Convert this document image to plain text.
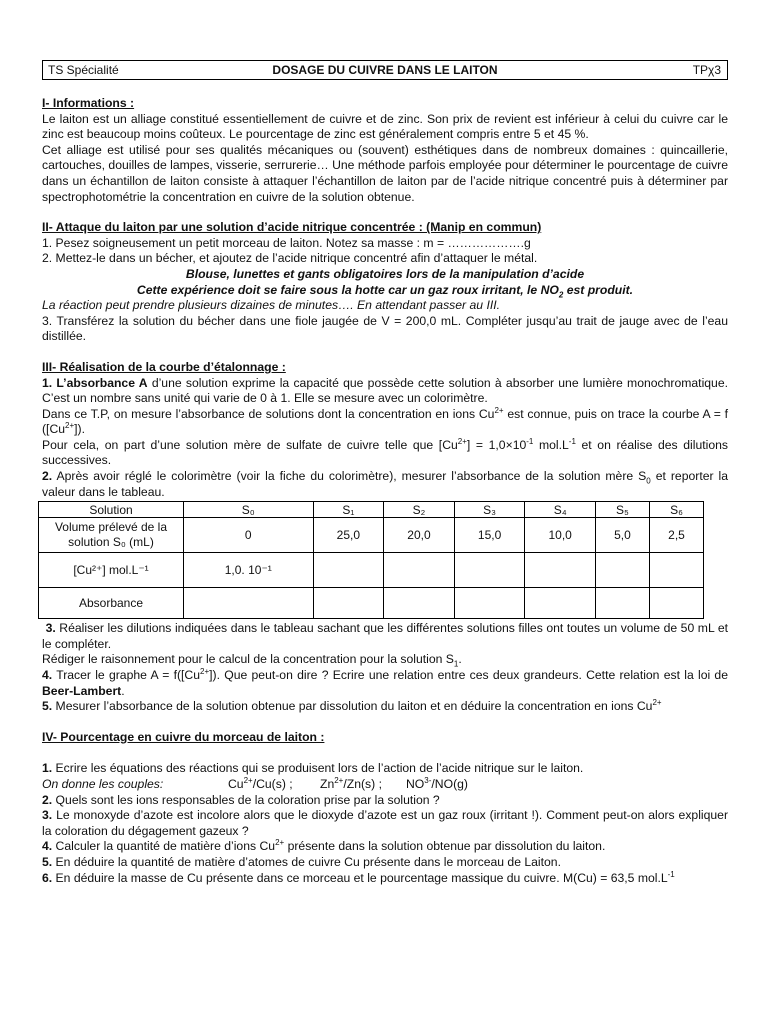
TS Spécialité	DOSAGE DU CUIVRE DANS LE LAITON	TPχ3

I- Informations :

Le laiton est un alliage constitué essentiellement de cuivre et de zinc. Son prix de revient est inférieur à celui du cuivre car le zinc est beaucoup moins coûteux. Le pourcentage de zinc est généralement compris entre 5 et 45 %.

Cet alliage est utilisé pour ses qualités mécaniques ou (souvent) esthétiques dans de nombreux domaines : quincaillerie, cartouches, douilles de lampes, visserie, serrurerie… Une méthode parfois employée pour déterminer le pourcentage de cuivre dans un échantillon de laiton consiste à attaquer l’échantillon de laiton par de l’acide nitrique concentré puis à déterminer par spectrophotométrie la concentration en cuivre de la solution obtenue.

II- Attaque du laiton par une solution d’acide nitrique concentrée : (Manip en commun)

1. Pesez soigneusement un petit morceau de laiton. Notez sa masse : m = ……………….g

2. Mettez-le dans un bécher, et ajoutez de l’acide nitrique concentré afin d’attaquer le métal.

Blouse, lunettes et gants obligatoires lors de la manipulation d’acide

Cette expérience doit se faire sous la hotte car un gaz roux irritant, le $NO_2$ est produit.

La réaction peut prendre plusieurs dizaines de minutes…. En attendant passer au III.

3. Transférez la solution du bécher dans une fiole jaugée de V = 200,0 mL. Compléter jusqu’au trait de jauge avec de l’eau distillée.

III- Réalisation de la courbe d’étalonnage :

1. L’absorbance A d’une solution exprime la capacité que possède cette solution à absorber une lumière monochromatique. C’est un nombre sans unité qui varie de 0 à 1. Elle se mesure avec un colorimètre.

Dans ce T.P, on mesure l’absorbance de solutions dont la concentration en ions $Cu^{2+}$ est connue, puis on trace la courbe A = f $([Cu^{2+}])$.

Pour cela, on part d’une solution mère de sulfate de cuivre telle que $[Cu^{2+}] = 1,0\times 10^{-1}$ $mol.L^{-1}$ et on réalise des dilutions successives.

2. Après avoir réglé le colorimètre (voir la fiche du colorimètre), mesurer l’absorbance de la solution mère $S_0$ et reporter la valeur dans le tableau.

Solution	S₀	S₁	S₂	S₃	S₄	S₅	S₆
Volume prélevé de la solution S₀ (mL)	0	25,0	20,0	15,0	10,0	5,0	2,5
[Cu²⁺] mol.L⁻¹	1,0. 10⁻¹						
Absorbance							

3. Réaliser les dilutions indiquées dans le tableau sachant que les différentes solutions filles ont toutes un volume de 50 mL et le compléter.

Rédiger le raisonnement pour le calcul de la concentration pour la solution $S_1$.

4. Tracer le graphe $A = f([Cu^{2+}])$. Que peut-on dire ? Ecrire une relation entre ces deux grandeurs. Cette relation est la loi de Beer-Lambert.

5. Mesurer l’absorbance de la solution obtenue par dissolution du laiton et en déduire la concentration en ions $Cu^{2+}$

IV- Pourcentage en cuivre du morceau de laiton :

1. Ecrire les équations des réactions qui se produisent lors de l’action de l’acide nitrique sur le laiton.

On donne les couples:	$Cu^{2+}/Cu(s)$ ; $Zn^{2+}/Zn(s)$ ; $NO^{3-}/NO(g)$

2. Quels sont les ions responsables de la coloration prise par la solution ?

3. Le monoxyde d’azote est incolore alors que le dioxyde d’azote est un gaz roux (irritant !). Comment peut-on alors expliquer la coloration du dégagement gazeux ?

4. Calculer la quantité de matière d’ions $Cu^{2+}$ présente dans la solution obtenue par dissolution du laiton.

5. En déduire la quantité de matière d’atomes de cuivre Cu présente dans le morceau de Laiton.

6. En déduire la masse de Cu présente dans ce morceau et le pourcentage massique du cuivre. M(Cu) = 63,5 $mol.L^{-1}$
